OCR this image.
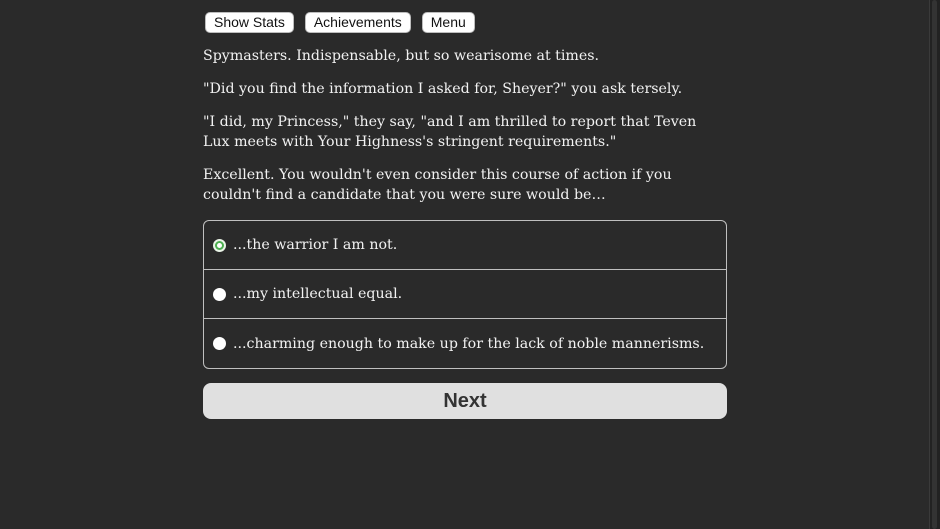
Show Stats	Achievements	Menu

Spymasters. Indispensable, but so wearisome at times.

"Did you find the information I asked for, Sheyer?" you ask tersely.

"I did, my Princess," they say, "and I am thrilled to report that Teven Lux meets with Your Highness's stringent requirements."

Excellent. You wouldn't even consider this course of action if you couldn't find a candidate that you were sure would be…

...the warrior I am not.
...my intellectual equal.
...charming enough to make up for the lack of noble mannerisms.
Next
